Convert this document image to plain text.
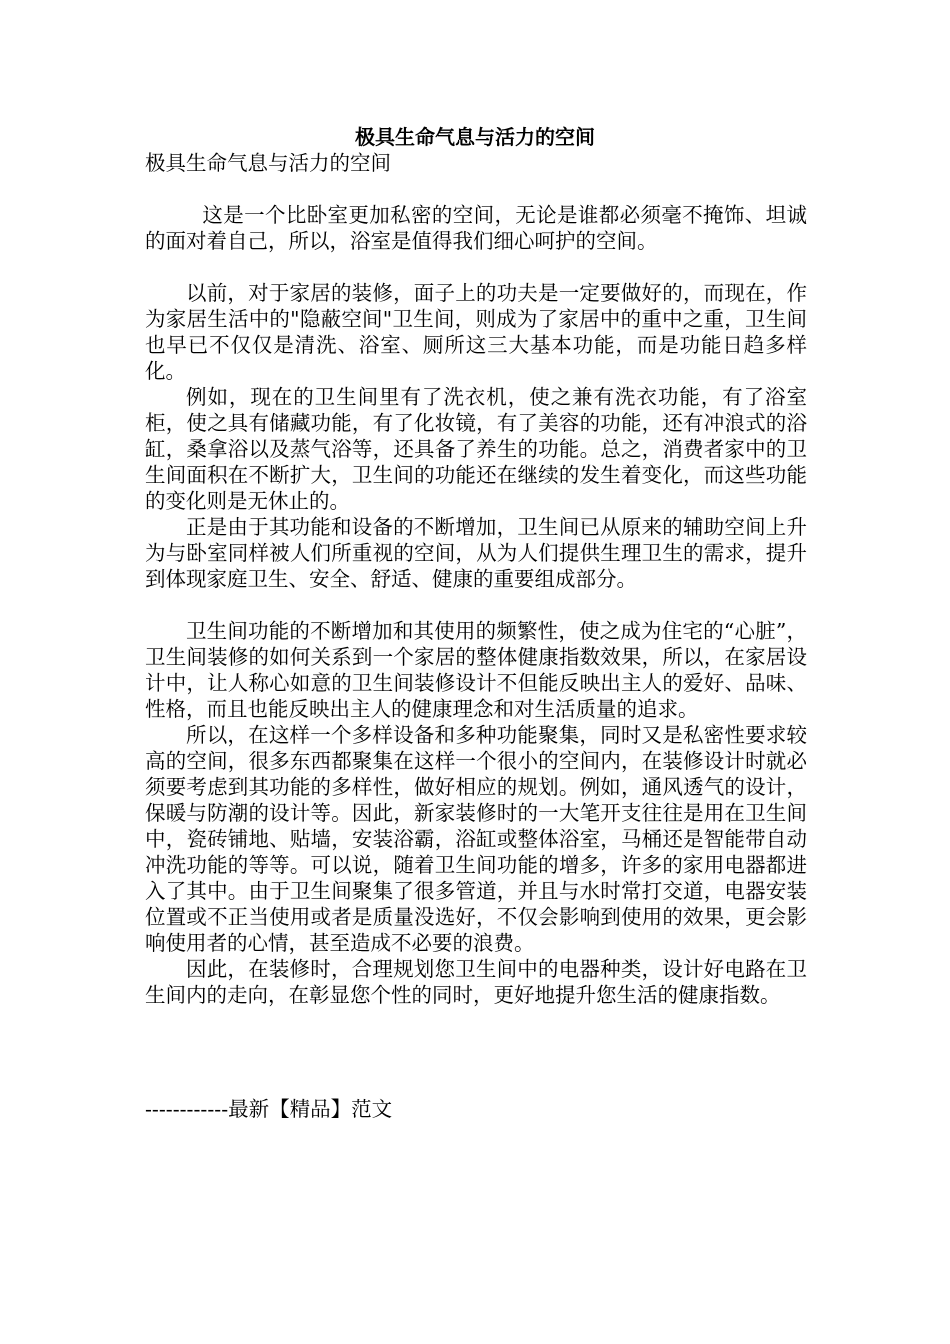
极具生命气息与活力的空间

极具生命气息与活力的空间

这是一个比卧室更加私密的空间，无论是谁都必须毫不掩饰、坦诚的面对着自己，所以，浴室是值得我们细心呵护的空间。

以前，对于家居的装修，面子上的功夫是一定要做好的，而现在，作为家居生活中的"隐蔽空间"卫生间，则成为了家居中的重中之重，卫生间也早已不仅仅是清洗、浴室、厕所这三大基本功能，而是功能日趋多样化。

例如，现在的卫生间里有了洗衣机，使之兼有洗衣功能，有了浴室柜，使之具有储藏功能，有了化妆镜，有了美容的功能，还有冲浪式的浴缸，桑拿浴以及蒸气浴等，还具备了养生的功能。总之，消费者家中的卫生间面积在不断扩大，卫生间的功能还在继续的发生着变化，而这些功能的变化则是无休止的。

正是由于其功能和设备的不断增加，卫生间已从原来的辅助空间上升为与卧室同样被人们所重视的空间，从为人们提供生理卫生的需求，提升到体现家庭卫生、安全、舒适、健康的重要组成部分。

卫生间功能的不断增加和其使用的频繁性，使之成为住宅的“心脏”，卫生间装修的如何关系到一个家居的整体健康指数效果，所以，在家居设计中，让人称心如意的卫生间装修设计不但能反映出主人的爱好、品味、性格，而且也能反映出主人的健康理念和对生活质量的追求。

所以，在这样一个多样设备和多种功能聚集，同时又是私密性要求较高的空间，很多东西都聚集在这样一个很小的空间内，在装修设计时就必须要考虑到其功能的多样性，做好相应的规划。例如，通风透气的设计，保暖与防潮的设计等。因此，新家装修时的一大笔开支往往是用在卫生间中，瓷砖铺地、贴墙，安装浴霸，浴缸或整体浴室，马桶还是智能带自动冲洗功能的等等。可以说，随着卫生间功能的增多，许多的家用电器都进入了其中。由于卫生间聚集了很多管道，并且与水时常打交道，电器安装位置或不正当使用或者是质量没选好，不仅会影响到使用的效果，更会影响使用者的心情，甚至造成不必要的浪费。

因此，在装修时，合理规划您卫生间中的电器种类，设计好电路在卫生间内的走向，在彰显您个性的同时，更好地提升您生活的健康指数。

------------最新【精品】范文
